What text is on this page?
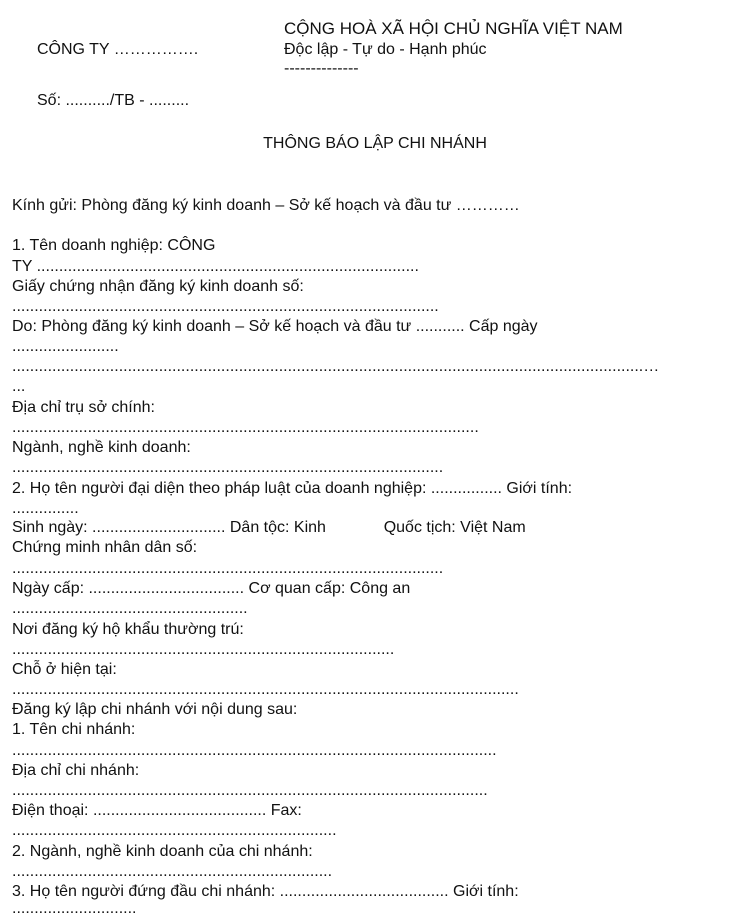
CÔNG TY …………….
Số: ........../TB - .........
CỘNG HOÀ XÃ HỘI CHỦ NGHĨA VIỆT NAM
Độc lập - Tự do - Hạnh phúc
--------------
THÔNG BÁO LẬP CHI NHÁNH
Kính gửi: Phòng đăng ký kinh doanh – Sở kế hoạch và đầu tư …………
1. Tên doanh nghiệp: CÔNG
TY ......................................................................................
Giấy chứng nhận đăng ký kinh doanh số:
................................................................................................
Do: Phòng đăng ký kinh doanh – Sở kế hoạch và đầu tư ........... Cấp ngày
........................
..............................................................................................................................................…
...
Địa chỉ trụ sở chính:
.........................................................................................................
Ngành, nghề kinh doanh:
.................................................................................................
2. Họ tên người đại diện theo pháp luật của doanh nghiệp: ................ Giới tính:
...............
Sinh ngày: .............................. Dân tộc: Kinh             Quốc tịch: Việt Nam
Chứng minh nhân dân số:
.................................................................................................
Ngày cấp: ................................... Cơ quan cấp: Công an
.....................................................
Nơi đăng ký hộ khẩu thường trú:
......................................................................................
Chỗ ở hiện tại:
..................................................................................................................
Đăng ký lập chi nhánh với nội dung sau:
1. Tên chi nhánh:
.............................................................................................................
Địa chỉ chi nhánh:
...........................................................................................................
Điện thoại: ....................................... Fax:
.........................................................................
2. Ngành, nghề kinh doanh của chi nhánh:
........................................................................
3. Họ tên người đứng đầu chi nhánh: ...................................... Giới tính:
............................
